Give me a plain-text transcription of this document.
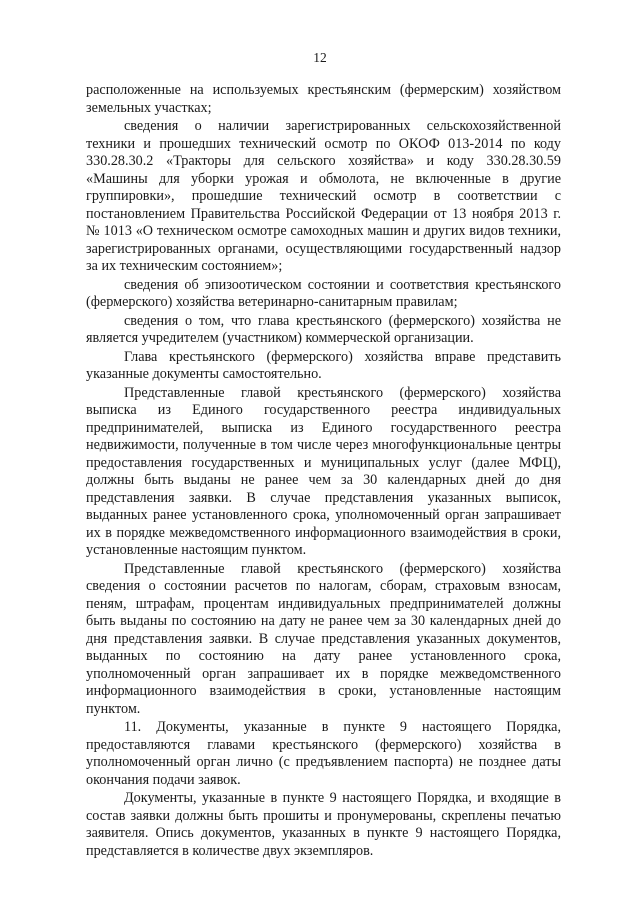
12

расположенные на используемых крестьянским (фермерским) хозяйством земельных участках;

сведения о наличии зарегистрированных сельскохозяйственной техники и прошедших технический осмотр по ОКОФ 013-2014 по коду 330.28.30.2 «Тракторы для сельского хозяйства» и коду 330.28.30.59 «Машины для уборки урожая и обмолота, не включенные в другие группировки», прошедшие технический осмотр в соответствии с постановлением Правительства Российской Федерации от 13 ноября 2013 г. № 1013 «О техническом осмотре самоходных машин и других видов техники, зарегистрированных органами, осуществляющими государственный надзор за их техническим состоянием»;

сведения об эпизоотическом состоянии и соответствия крестьянского (фермерского) хозяйства ветеринарно-санитарным правилам;

сведения о том, что глава крестьянского (фермерского) хозяйства не является учредителем (участником) коммерческой организации.

Глава крестьянского (фермерского) хозяйства вправе представить указанные документы самостоятельно.

Представленные главой крестьянского (фермерского) хозяйства выписка из Единого государственного реестра индивидуальных предпринимателей, выписка из Единого государственного реестра недвижимости, полученные в том числе через многофункциональные центры предоставления государственных и муниципальных услуг (далее МФЦ), должны быть выданы не ранее чем за 30 календарных дней до дня представления заявки. В случае представления указанных выписок, выданных ранее установленного срока, уполномоченный орган запрашивает их в порядке межведомственного информационного взаимодействия в сроки, установленные настоящим пунктом.

Представленные главой крестьянского (фермерского) хозяйства сведения о состоянии расчетов по налогам, сборам, страховым взносам, пеням, штрафам, процентам индивидуальных предпринимателей должны быть выданы по состоянию на дату не ранее чем за 30 календарных дней до дня представления заявки. В случае представления указанных документов, выданных по состоянию на дату ранее установленного срока, уполномоченный орган запрашивает их в порядке межведомственного информационного взаимодействия в сроки, установленные настоящим пунктом.

11. Документы, указанные в пункте 9 настоящего Порядка, предоставляются главами крестьянского (фермерского) хозяйства в уполномоченный орган лично (с предъявлением паспорта) не позднее даты окончания подачи заявок.

Документы, указанные в пункте 9 настоящего Порядка, и входящие в состав заявки должны быть прошиты и пронумерованы, скреплены печатью заявителя. Опись документов, указанных в пункте 9 настоящего Порядка, представляется в количестве двух экземпляров.
